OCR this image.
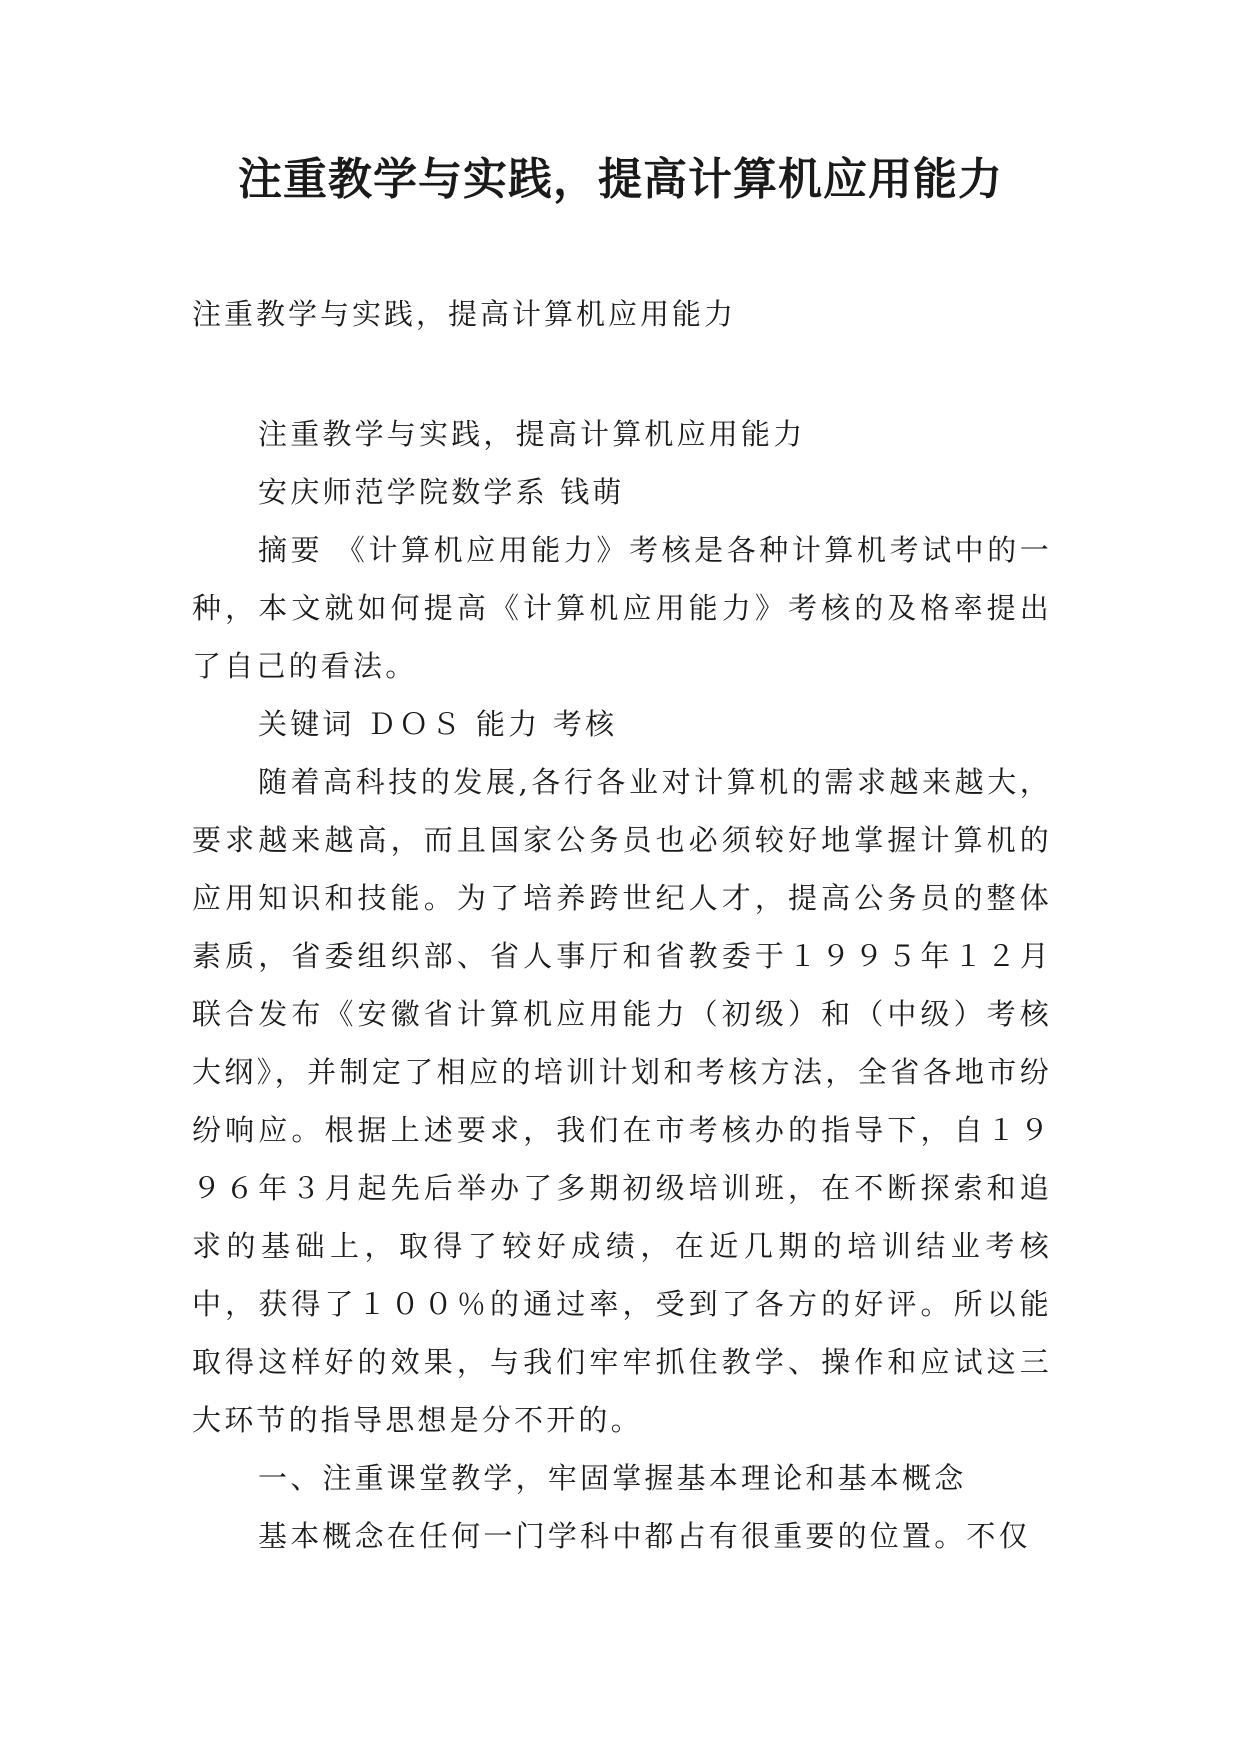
注重教学与实践，提高计算机应用能力

注重教学与实践，提高计算机应用能力

注重教学与实践，提高计算机应用能力

安庆师范学院数学系 钱萌

摘要 《计算机应用能力》考核是各种计算机考试中的一种，本文就如何提高《计算机应用能力》考核的及格率提出了自己的看法。

关键词 ＤＯＳ 能力 考核

随着高科技的发展,各行各业对计算机的需求越来越大，要求越来越高，而且国家公务员也必须较好地掌握计算机的应用知识和技能。为了培养跨世纪人才，提高公务员的整体素质，省委组织部、省人事厅和省教委于１９９５年１２月联合发布《安徽省计算机应用能力（初级）和（中级）考核大纲》，并制定了相应的培训计划和考核方法，全省各地市纷纷响应。根据上述要求，我们在市考核办的指导下，自１９９６年３月起先后举办了多期初级培训班，在不断探索和追求的基础上，取得了较好成绩，在近几期的培训结业考核中，获得了１００％的通过率，受到了各方的好评。所以能取得这样好的效果，与我们牢牢抓住教学、操作和应试这三大环节的指导思想是分不开的。

一、注重课堂教学，牢固掌握基本理论和基本概念

基本概念在任何一门学科中都占有很重要的位置。不仅
